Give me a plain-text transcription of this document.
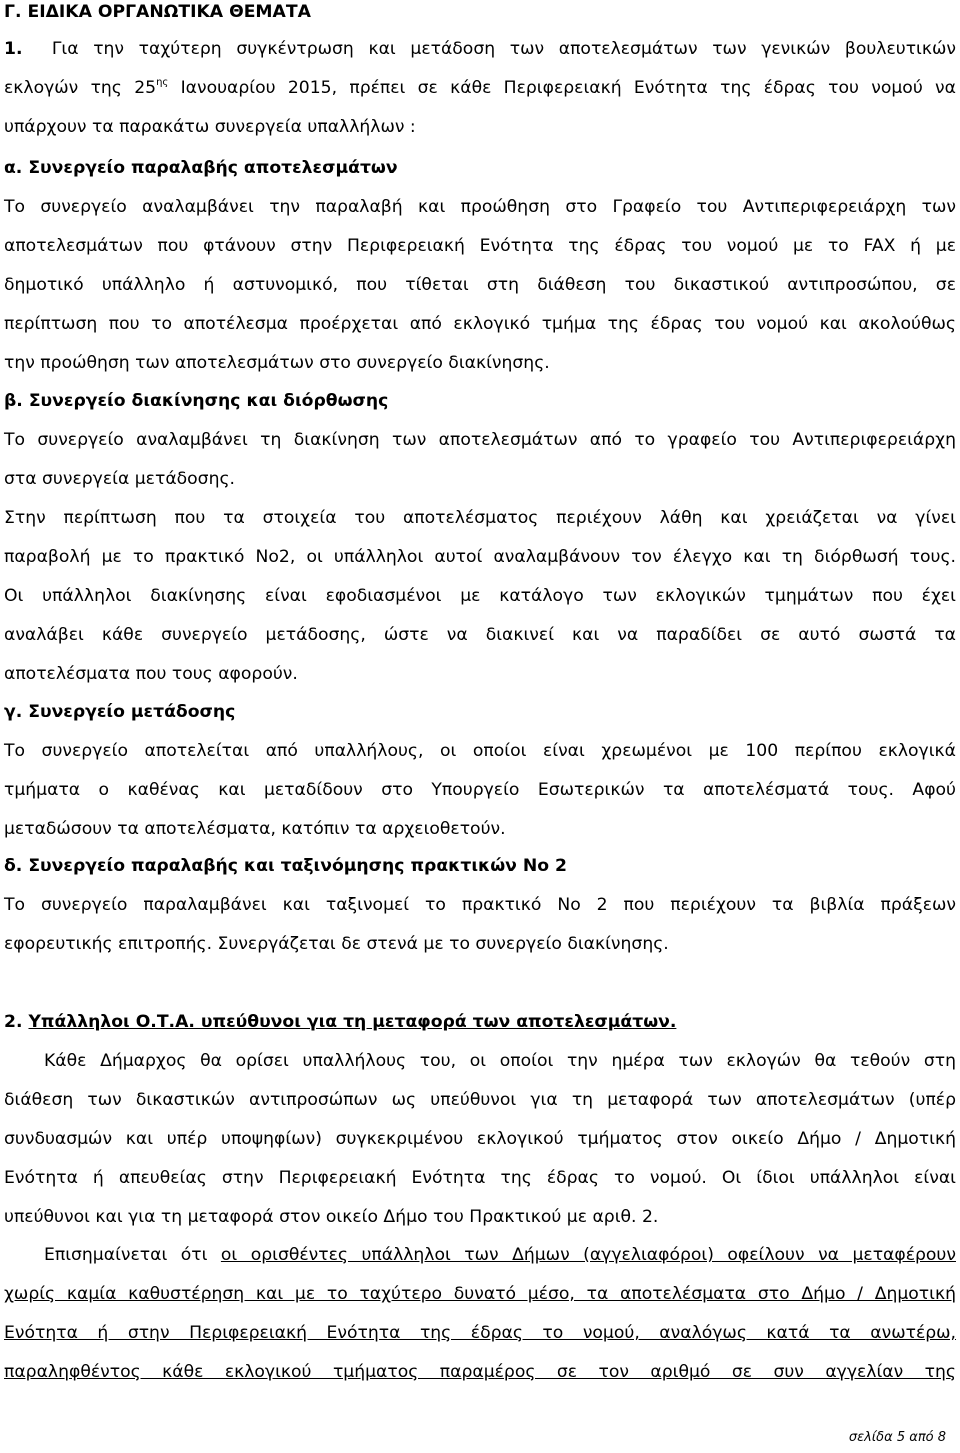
Γ. ΕΙΔΙΚΑ ΟΡΓΑΝΩΤΙΚΑ ΘΕΜΑΤΑ
1. Για την ταχύτερη συγκέντρωση και μετάδοση των αποτελεσμάτων των γενικών βουλευτικών
εκλογών της $25^{\eta\varsigma}$ Ιανουαρίου 2015, πρέπει σε κάθε Περιφερειακή Ενότητα της έδρας του νομού να
υπάρχουν τα παρακάτω συνεργεία υπαλλήλων :
α. Συνεργείο παραλαβής αποτελεσμάτων
Το συνεργείο αναλαμβάνει την παραλαβή και προώθηση στο Γραφείο του Αντιπεριφερειάρχη των
αποτελεσμάτων που φτάνουν στην Περιφερειακή Ενότητα της έδρας του νομού με το FAX ή με
δημοτικό υπάλληλο ή αστυνομικό, που τίθεται στη διάθεση του δικαστικού αντιπροσώπου, σε
περίπτωση που το αποτέλεσμα προέρχεται από εκλογικό τμήμα της έδρας του νομού και ακολούθως
την προώθηση των αποτελεσμάτων στο συνεργείο διακίνησης.
β. Συνεργείο διακίνησης και διόρθωσης
Το συνεργείο αναλαμβάνει τη διακίνηση των αποτελεσμάτων από το γραφείο του Αντιπεριφερειάρχη
στα συνεργεία μετάδοσης.
Στην περίπτωση που τα στοιχεία του αποτελέσματος περιέχουν λάθη και χρειάζεται να γίνει
παραβολή με το πρακτικό Νο2, οι υπάλληλοι αυτοί αναλαμβάνουν τον έλεγχο και τη διόρθωσή τους.
Οι υπάλληλοι διακίνησης είναι εφοδιασμένοι με κατάλογο των εκλογικών τμημάτων που έχει
αναλάβει κάθε συνεργείο μετάδοσης, ώστε να διακινεί και να παραδίδει σε αυτό σωστά τα
αποτελέσματα που τους αφορούν.
γ. Συνεργείο μετάδοσης
Το συνεργείο αποτελείται από υπαλλήλους, οι οποίοι είναι χρεωμένοι με 100 περίπου εκλογικά
τμήματα ο καθένας και μεταδίδουν στο Υπουργείο Εσωτερικών τα αποτελέσματά τους. Αφού
μεταδώσουν τα αποτελέσματα, κατόπιν τα αρχειοθετούν.
δ. Συνεργείο παραλαβής και ταξινόμησης πρακτικών Νο 2
Το συνεργείο παραλαμβάνει και ταξινομεί το πρακτικό Νο 2 που περιέχουν τα βιβλία πράξεων
εφορευτικής επιτροπής. Συνεργάζεται δε στενά με το συνεργείο διακίνησης.
2. Υπάλληλοι Ο.Τ.Α. υπεύθυνοι για τη μεταφορά των αποτελεσμάτων.
Κάθε Δήμαρχος θα ορίσει υπαλλήλους του, οι οποίοι την ημέρα των εκλογών θα τεθούν στη
διάθεση των δικαστικών αντιπροσώπων ως υπεύθυνοι για τη μεταφορά των αποτελεσμάτων (υπέρ
συνδυασμών και υπέρ υποψηφίων) συγκεκριμένου εκλογικού τμήματος στον οικείο Δήμο / Δημοτική
Ενότητα ή απευθείας στην Περιφερειακή Ενότητα της έδρας το νομού. Οι ίδιοι υπάλληλοι είναι
υπεύθυνοι και για τη μεταφορά στον οικείο Δήμο του Πρακτικού με αριθ. 2.
Επισημαίνεται ότι οι ορισθέντες υπάλληλοι των Δήμων (αγγελιαφόροι) οφείλουν να μεταφέρουν
χωρίς καμία καθυστέρηση και με το ταχύτερο δυνατό μέσο, τα αποτελέσματα στο Δήμο / Δημοτική
Ενότητα ή στην Περιφερειακή Ενότητα της έδρας το νομού, αναλόγως κατά τα ανωτέρω,
παραληφθέντος κάθε εκλογικού τμήματος παραμέρος σε τον αριθμό σε συν αγγελίαν της
σελίδα 5 από 8
